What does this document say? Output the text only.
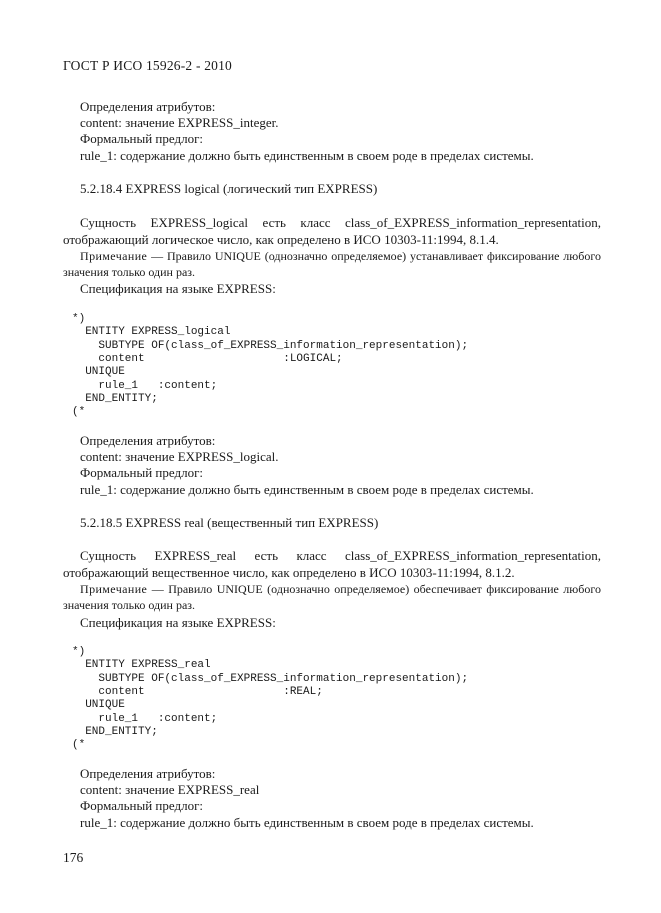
ГОСТ Р ИСО 15926-2 - 2010
Определения атрибутов:
content: значение EXPRESS_integer.
Формальный предлог:
rule_1: содержание должно быть единственным в своем роде в пределах системы.
5.2.18.4 EXPRESS logical (логический тип EXPRESS)
Сущность EXPRESS_logical есть класс class_of_EXPRESS_information_representation, отображающий логическое число, как определено в ИСО 10303-11:1994, 8.1.4.
Примечание — Правило UNIQUE (однозначно определяемое) устанавливает фиксирование любого значения только один раз.
Спецификация на языке EXPRESS:
*)
ENTITY EXPRESS_logical
SUBTYPE OF(class_of_EXPRESS_information_representation);
content                     :LOGICAL;
UNIQUE
rule_1   :content;
END_ENTITY;
(*
Определения атрибутов:
content: значение EXPRESS_logical.
Формальный предлог:
rule_1: содержание должно быть единственным в своем роде в пределах системы.
5.2.18.5 EXPRESS real (вещественный тип EXPRESS)
Сущность EXPRESS_real есть класс class_of_EXPRESS_information_representation, отображающий вещественное число, как определено в ИСО 10303-11:1994, 8.1.2.
Примечание — Правило UNIQUE (однозначно определяемое) обеспечивает фиксирование любого значения только один раз.
Спецификация на языке EXPRESS:
*)
ENTITY EXPRESS_real
SUBTYPE OF(class_of_EXPRESS_information_representation);
content                     :REAL;
UNIQUE
rule_1   :content;
END_ENTITY;
(*
Определения атрибутов:
content: значение EXPRESS_real
Формальный предлог:
rule_1: содержание должно быть единственным в своем роде в пределах системы.
176
